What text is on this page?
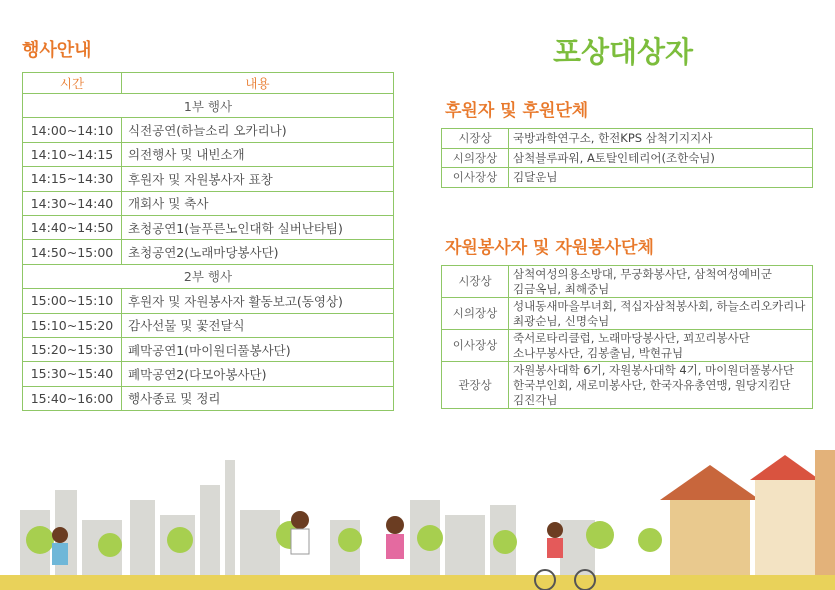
행사안내
시간	내용
1부 행사	
14:00~14:10	식전공연(하늘소리 오카리나)
14:10~14:15	의전행사 및 내빈소개
14:15~14:30	후원자 및 자원봉사자 표창
14:30~14:40	개회사 및 축사
14:40~14:50	초청공연1(늘푸른노인대학 실버난타팀)
14:50~15:00	초청공연2(노래마당봉사단)
2부 행사	
15:00~15:10	후원자 및 자원봉사자 활동보고(동영상)
15:10~15:20	감사선물 및 꽃전달식
15:20~15:30	폐막공연1(마이원더풀봉사단)
15:30~15:40	폐막공연2(다모아봉사단)
15:40~16:00	행사종료 및 정리
포상대상자
후원자 및 후원단체
시장상	국방과학연구소, 한전KPS 삼척기지지사
시의장상	삼척블루파워, A토탈인테리어(조한숙님)
이사장상	김달운님
자원봉사자 및 자원봉사단체
시장상	삼척여성의용소방대, 무궁화봉사단, 삼척여성예비군
김금옥님, 최해중님

시의장상	성내동새마을부녀회, 적십자삼척봉사회, 하늘소리오카리나
최광순님, 신명숙님

이사장상	죽서로타리클럽, 노래마당봉사단, 꾀꼬리봉사단
소나무봉사단, 김봉출님, 박현규님

관장상	자원봉사대학 6기, 자원봉사대학 4기, 마이원더풀봉사단
한국부인회, 새로미봉사단, 한국자유총연맹, 원당지킴단
김진각님
